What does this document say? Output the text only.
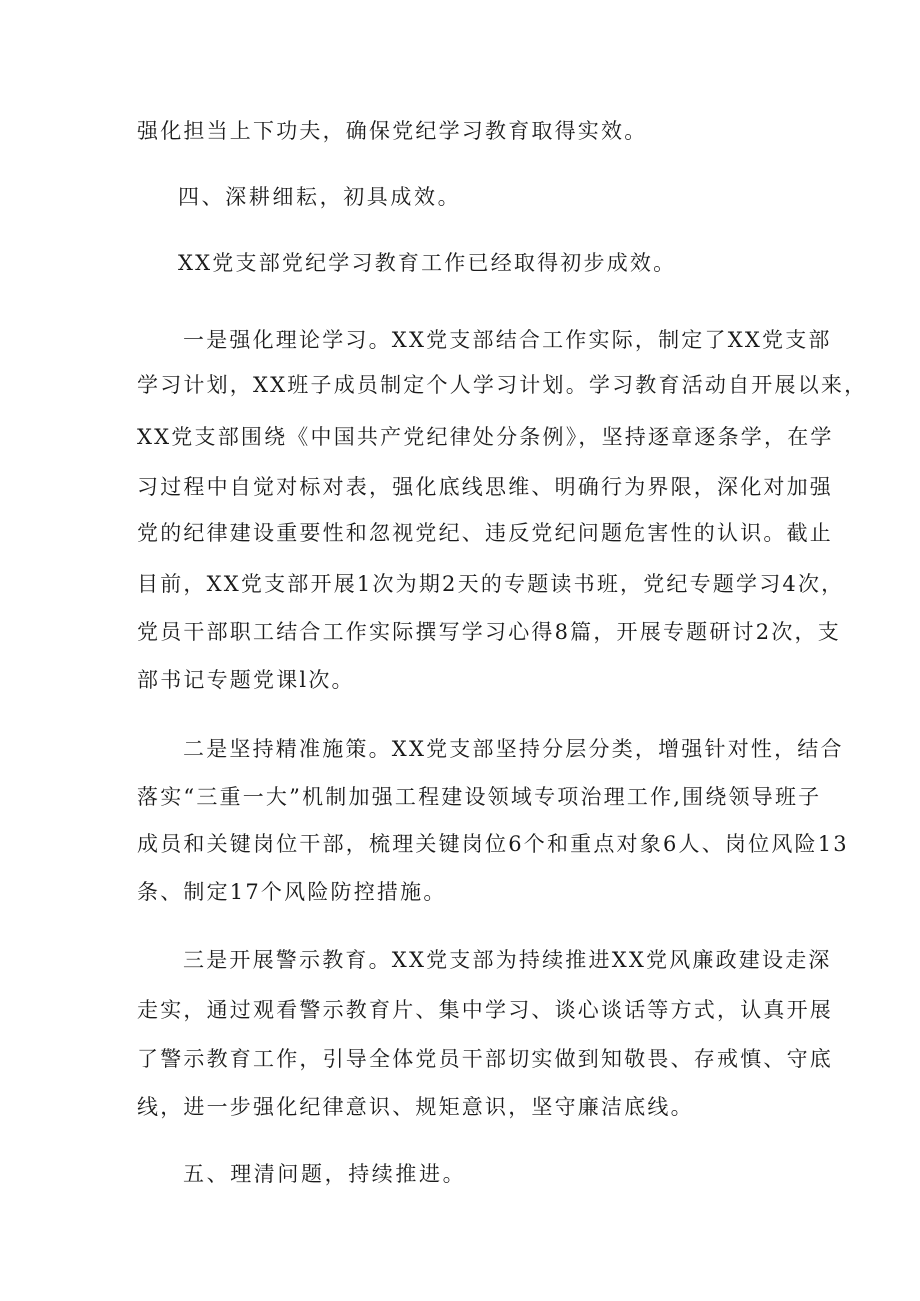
强化担当上下功夫，确保党纪学习教育取得实效。
四、深耕细耘，初具成效。
XX党支部党纪学习教育工作已经取得初步成效。
一是强化理论学习。XX党支部结合工作实际，制定了XX党支部
学习计划，XX班子成员制定个人学习计划。学习教育活动自开展以来，
XX党支部围绕《中国共产党纪律处分条例》，坚持逐章逐条学，在学
习过程中自觉对标对表，强化底线思维、明确行为界限，深化对加强
党的纪律建设重要性和忽视党纪、违反党纪问题危害性的认识。截止
目前，XX党支部开展1次为期2天的专题读书班，党纪专题学习4次，
党员干部职工结合工作实际撰写学习心得8篇，开展专题研讨2次，支
部书记专题党课l次。
二是坚持精准施策。XX党支部坚持分层分类，增强针对性，结合
落实“三重一大”机制加强工程建设领域专项治理工作,围绕领导班子
成员和关键岗位干部，梳理关键岗位6个和重点对象6人、岗位风险13
条、制定17个风险防控措施。
三是开展警示教育。XX党支部为持续推进XX党风廉政建设走深
走实，通过观看警示教育片、集中学习、谈心谈话等方式，认真开展
了警示教育工作，引导全体党员干部切实做到知敬畏、存戒慎、守底
线，进一步强化纪律意识、规矩意识，坚守廉洁底线。
五、理清问题，持续推进。
